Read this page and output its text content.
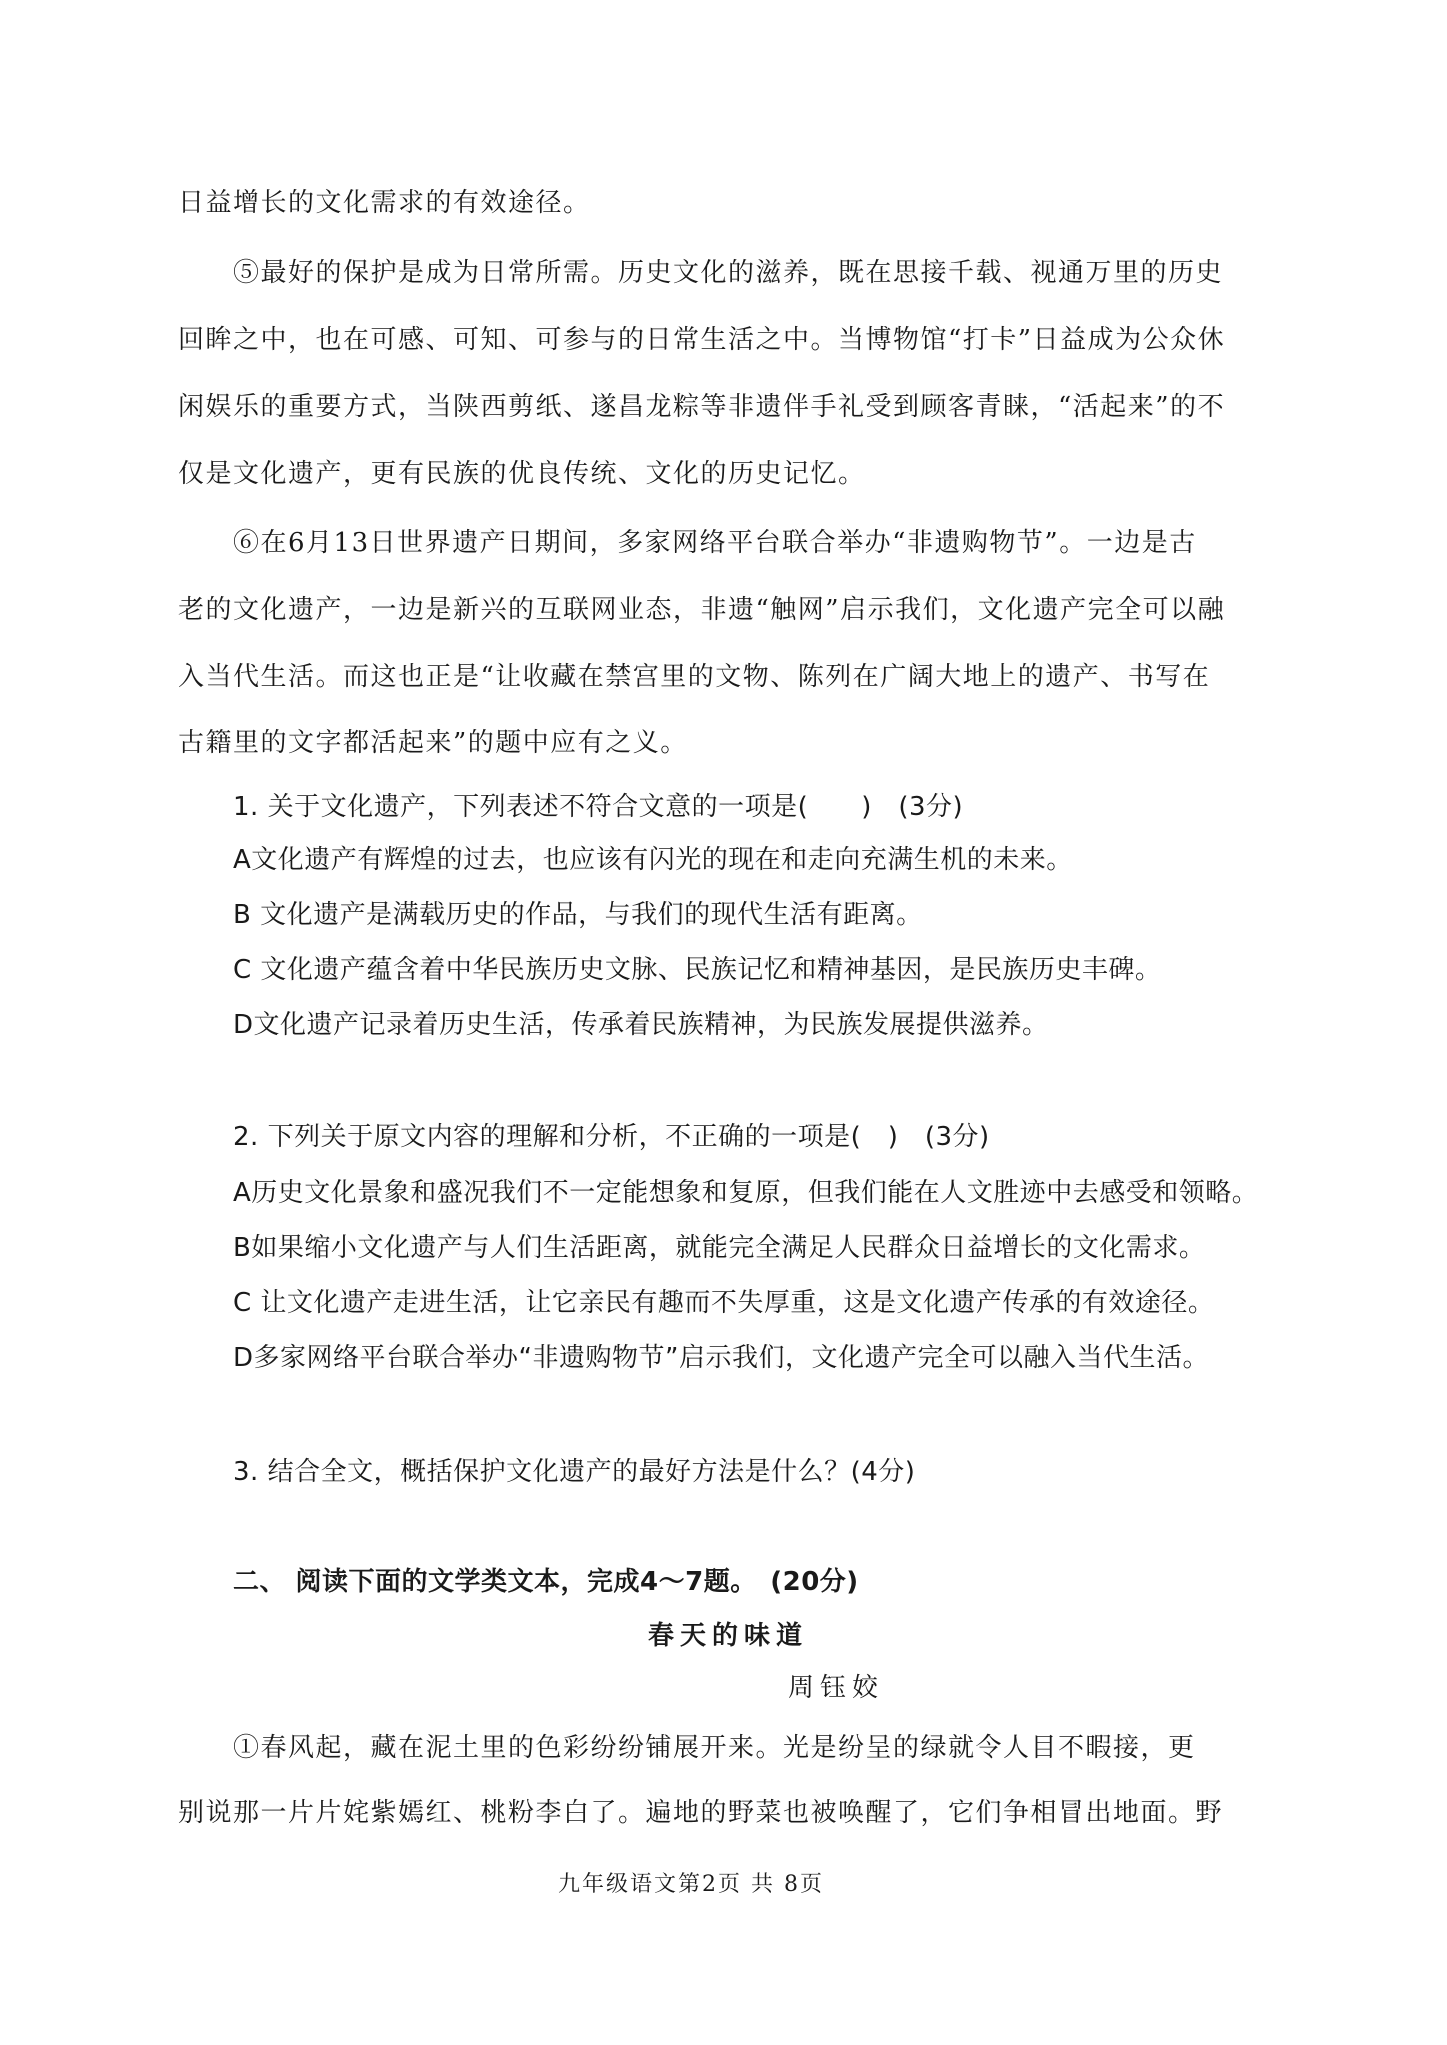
日益增长的文化需求的有效途径。
⑤最好的保护是成为日常所需。历史文化的滋养，既在思接千载、视通万里的历史
回眸之中，也在可感、可知、可参与的日常生活之中。当博物馆“打卡”日益成为公众休
闲娱乐的重要方式，当陕西剪纸、遂昌龙粽等非遗伴手礼受到顾客青睐，“活起来”的不
仅是文化遗产，更有民族的优良传统、文化的历史记忆。
⑥在6月13日世界遗产日期间，多家网络平台联合举办“非遗购物节”。一边是古
老的文化遗产，一边是新兴的互联网业态，非遗“触网”启示我们，文化遗产完全可以融
入当代生活。而这也正是“让收藏在禁宫里的文物、陈列在广阔大地上的遗产、书写在
古籍里的文字都活起来”的题中应有之义。
1. 关于文化遗产，下列表述不符合文意的一项是(　　)　(3分)
A文化遗产有辉煌的过去，也应该有闪光的现在和走向充满生机的未来。
B 文化遗产是满载历史的作品，与我们的现代生活有距离。
C 文化遗产蕴含着中华民族历史文脉、民族记忆和精神基因，是民族历史丰碑。
D文化遗产记录着历史生活，传承着民族精神，为民族发展提供滋养。
2. 下列关于原文内容的理解和分析，不正确的一项是(　)　(3分)
A历史文化景象和盛况我们不一定能想象和复原，但我们能在人文胜迹中去感受和领略。
B如果缩小文化遗产与人们生活距离，就能完全满足人民群众日益增长的文化需求。
C 让文化遗产走进生活，让它亲民有趣而不失厚重，这是文化遗产传承的有效途径。
D多家网络平台联合举办“非遗购物节”启示我们，文化遗产完全可以融入当代生活。
3. 结合全文，概括保护文化遗产的最好方法是什么？(4分)
二、 阅读下面的文学类文本，完成4～7题。　(20分)
春天的味道
周钰姣
①春风起，藏在泥土里的色彩纷纷铺展开来。光是纷呈的绿就令人目不暇接，更
别说那一片片姹紫嫣红、桃粉李白了。遍地的野菜也被唤醒了，它们争相冒出地面。野
九年级语文第2页 共 8页
